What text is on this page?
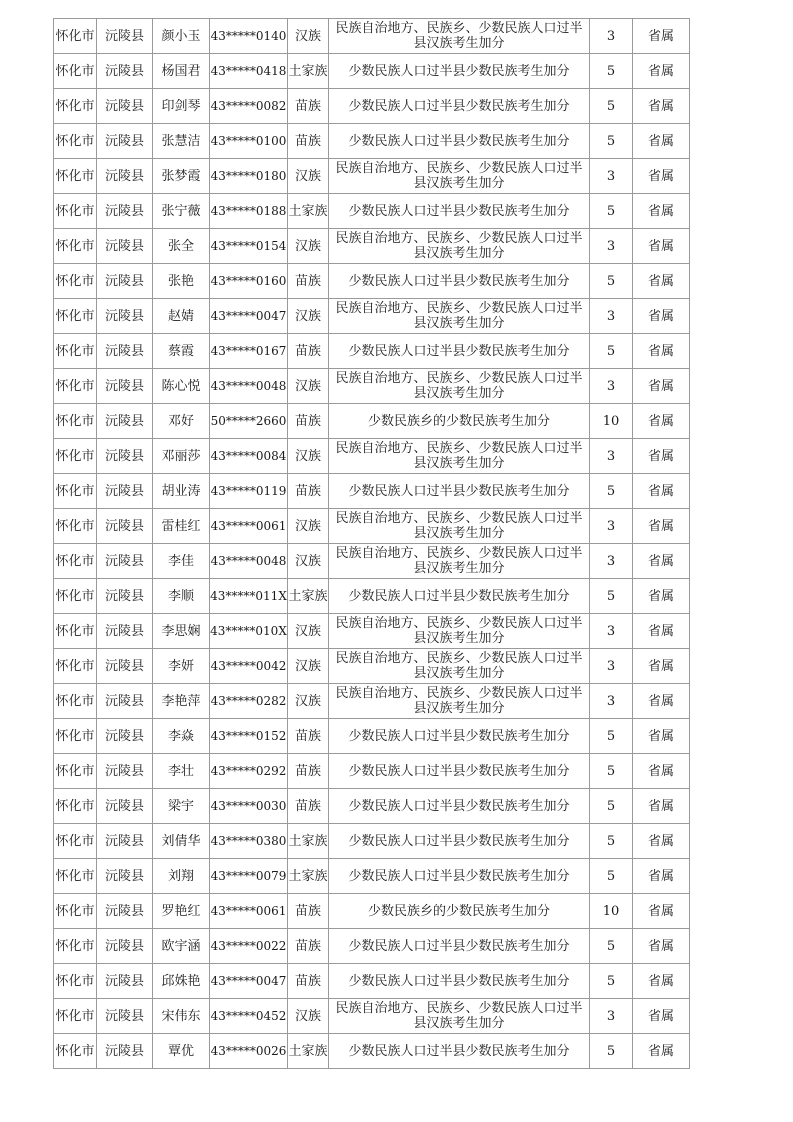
怀化市	沅陵县	颜小玉	43*****0140	汉族	民族自治地方、民族乡、少数民族人口过半县汉族考生加分	3	省属
怀化市	沅陵县	杨国君	43*****0418	土家族	少数民族人口过半县少数民族考生加分	5	省属
怀化市	沅陵县	印剑琴	43*****0082	苗族	少数民族人口过半县少数民族考生加分	5	省属
怀化市	沅陵县	张慧洁	43*****0100	苗族	少数民族人口过半县少数民族考生加分	5	省属
怀化市	沅陵县	张梦霞	43*****0180	汉族	民族自治地方、民族乡、少数民族人口过半县汉族考生加分	3	省属
怀化市	沅陵县	张宁薇	43*****0188	土家族	少数民族人口过半县少数民族考生加分	5	省属
怀化市	沅陵县	张全	43*****0154	汉族	民族自治地方、民族乡、少数民族人口过半县汉族考生加分	3	省属
怀化市	沅陵县	张艳	43*****0160	苗族	少数民族人口过半县少数民族考生加分	5	省属
怀化市	沅陵县	赵婧	43*****0047	汉族	民族自治地方、民族乡、少数民族人口过半县汉族考生加分	3	省属
怀化市	沅陵县	蔡霞	43*****0167	苗族	少数民族人口过半县少数民族考生加分	5	省属
怀化市	沅陵县	陈心悦	43*****0048	汉族	民族自治地方、民族乡、少数民族人口过半县汉族考生加分	3	省属
怀化市	沅陵县	邓好	50*****2660	苗族	少数民族乡的少数民族考生加分	10	省属
怀化市	沅陵县	邓丽莎	43*****0084	汉族	民族自治地方、民族乡、少数民族人口过半县汉族考生加分	3	省属
怀化市	沅陵县	胡业涛	43*****0119	苗族	少数民族人口过半县少数民族考生加分	5	省属
怀化市	沅陵县	雷桂红	43*****0061	汉族	民族自治地方、民族乡、少数民族人口过半县汉族考生加分	3	省属
怀化市	沅陵县	李佳	43*****0048	汉族	民族自治地方、民族乡、少数民族人口过半县汉族考生加分	3	省属
怀化市	沅陵县	李顺	43*****011X	土家族	少数民族人口过半县少数民族考生加分	5	省属
怀化市	沅陵县	李思娴	43*****010X	汉族	民族自治地方、民族乡、少数民族人口过半县汉族考生加分	3	省属
怀化市	沅陵县	李妍	43*****0042	汉族	民族自治地方、民族乡、少数民族人口过半县汉族考生加分	3	省属
怀化市	沅陵县	李艳萍	43*****0282	汉族	民族自治地方、民族乡、少数民族人口过半县汉族考生加分	3	省属
怀化市	沅陵县	李焱	43*****0152	苗族	少数民族人口过半县少数民族考生加分	5	省属
怀化市	沅陵县	李壮	43*****0292	苗族	少数民族人口过半县少数民族考生加分	5	省属
怀化市	沅陵县	梁宇	43*****0030	苗族	少数民族人口过半县少数民族考生加分	5	省属
怀化市	沅陵县	刘倩华	43*****0380	土家族	少数民族人口过半县少数民族考生加分	5	省属
怀化市	沅陵县	刘翔	43*****0079	土家族	少数民族人口过半县少数民族考生加分	5	省属
怀化市	沅陵县	罗艳红	43*****0061	苗族	少数民族乡的少数民族考生加分	10	省属
怀化市	沅陵县	欧宇涵	43*****0022	苗族	少数民族人口过半县少数民族考生加分	5	省属
怀化市	沅陵县	邱姝艳	43*****0047	苗族	少数民族人口过半县少数民族考生加分	5	省属
怀化市	沅陵县	宋伟东	43*****0452	汉族	民族自治地方、民族乡、少数民族人口过半县汉族考生加分	3	省属
怀化市	沅陵县	覃优	43*****0026	土家族	少数民族人口过半县少数民族考生加分	5	省属
